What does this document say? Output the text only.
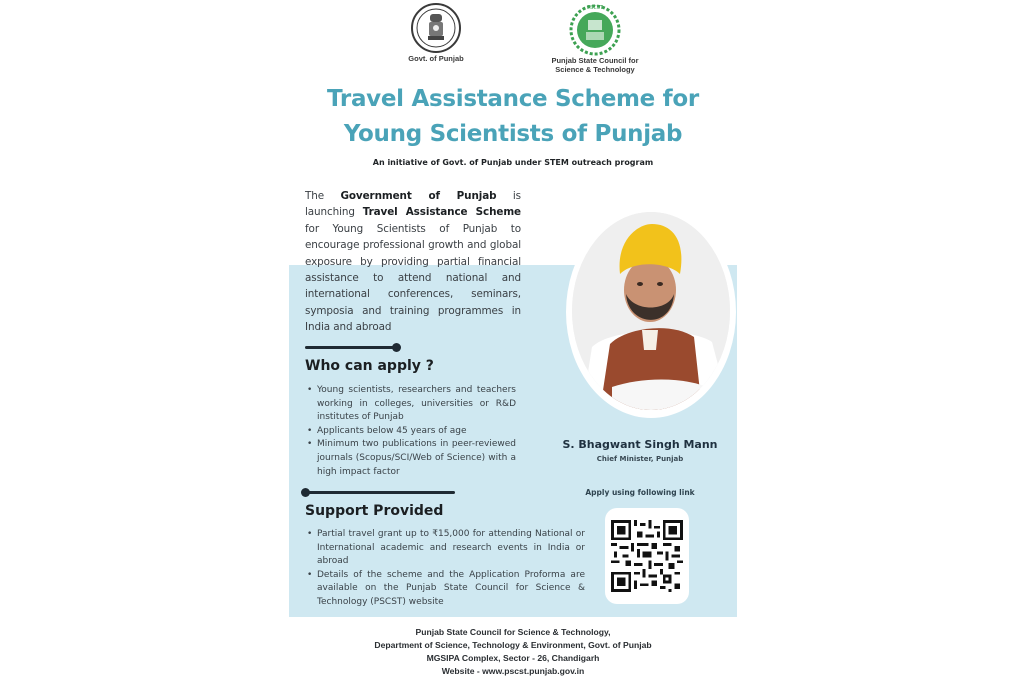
Govt. of Punjab
PSCST
Punjab State Council for
Science & Technology
Travel Assistance Scheme for
Young Scientists of Punjab
An initiative of Govt. of Punjab under STEM outreach program
The Government of Punjab is launching Travel Assistance Scheme for Young Scientists of Punjab to encourage professional growth and global exposure by providing partial financial assistance to attend national and international conferences, seminars, symposia and training programmes in India and abroad
Who can apply ?
• Young scientists, researchers and teachers working in colleges, universities or R&D institutes of Punjab
• Applicants below 45 years of age
• Minimum two publications in peer-reviewed journals (Scopus/SCI/Web of Science) with a high impact factor
Support Provided
• Partial travel grant up to ₹15,000 for attending National or International academic and research events in India or abroad
• Details of the scheme and the Application Proforma are available on the Punjab State Council for Science & Technology (PSCST) website
S. Bhagwant Singh Mann
Chief Minister, Punjab
Apply using following link
Punjab State Council for Science & Technology,
Department of Science, Technology & Environment, Govt. of Punjab
MGSIPA Complex, Sector - 26, Chandigarh
Website - www.pscst.punjab.gov.in
